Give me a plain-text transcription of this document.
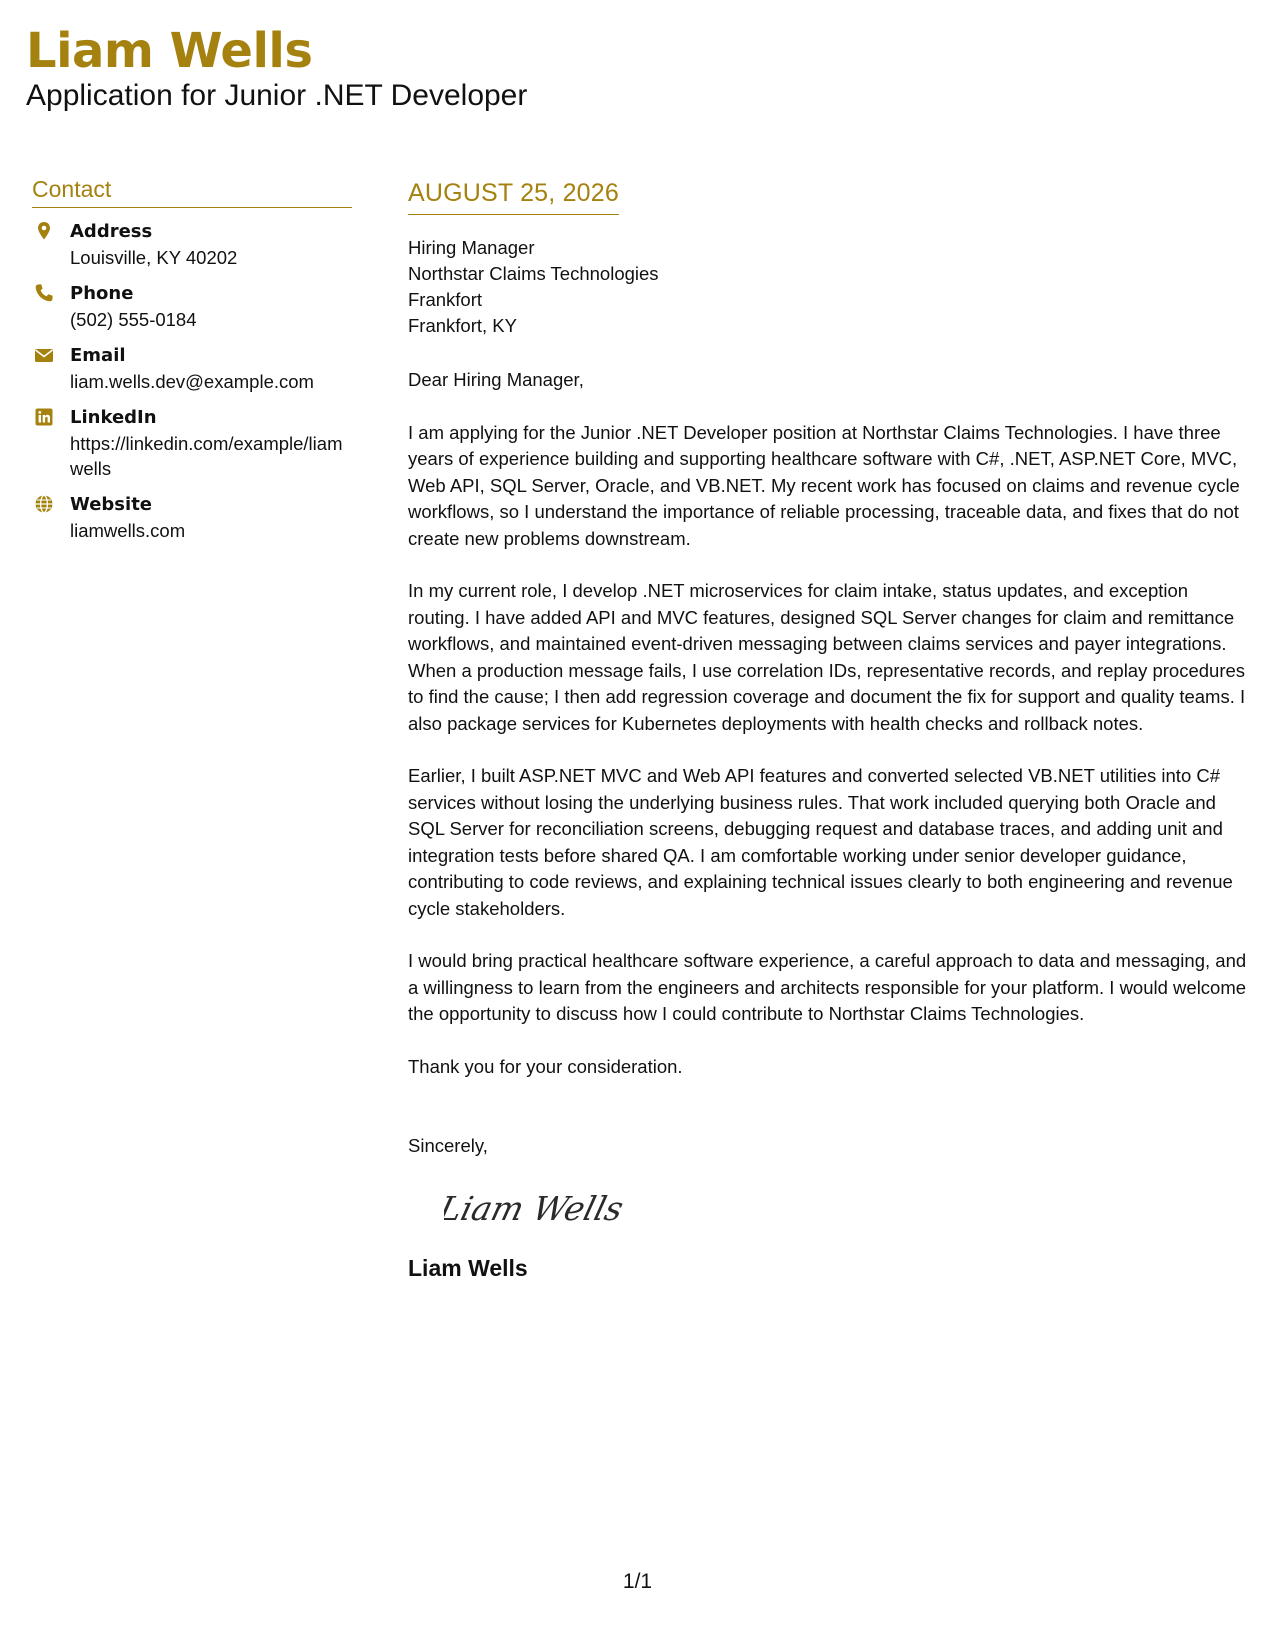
Liam Wells
Application for Junior .NET Developer
Contact
Address
Louisville, KY 40202
Phone
(502) 555-0184
Email
liam.wells.dev@example.com
LinkedIn
https://linkedin.com/example/liamwells
Website
liamwells.com
AUGUST 25, 2026
Hiring Manager
Northstar Claims Technologies
Frankfort
Frankfort, KY
Dear Hiring Manager,
I am applying for the Junior .NET Developer position at Northstar Claims Technologies. I have three years of experience building and supporting healthcare software with C#, .NET, ASP.NET Core, MVC, Web API, SQL Server, Oracle, and VB.NET. My recent work has focused on claims and revenue cycle workflows, so I understand the importance of reliable processing, traceable data, and fixes that do not create new problems downstream.
In my current role, I develop .NET microservices for claim intake, status updates, and exception routing. I have added API and MVC features, designed SQL Server changes for claim and remittance workflows, and maintained event-driven messaging between claims services and payer integrations. When a production message fails, I use correlation IDs, representative records, and replay procedures to find the cause; I then add regression coverage and document the fix for support and quality teams. I also package services for Kubernetes deployments with health checks and rollback notes.
Earlier, I built ASP.NET MVC and Web API features and converted selected VB.NET utilities into C# services without losing the underlying business rules. That work included querying both Oracle and SQL Server for reconciliation screens, debugging request and database traces, and adding unit and integration tests before shared QA. I am comfortable working under senior developer guidance, contributing to code reviews, and explaining technical issues clearly to both engineering and revenue cycle stakeholders.
I would bring practical healthcare software experience, a careful approach to data and messaging, and a willingness to learn from the engineers and architects responsible for your platform. I would welcome the opportunity to discuss how I could contribute to Northstar Claims Technologies.
Thank you for your consideration.
Sincerely,
Liam Wells
Liam Wells
1/1
